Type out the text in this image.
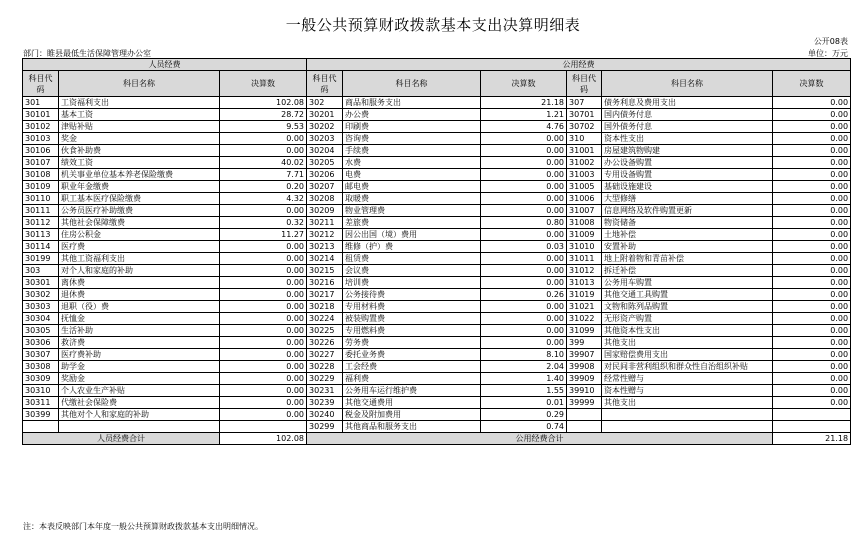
一般公共预算财政拨款基本支出决算明细表
公开08表
部门：睢县最低生活保障管理办公室	单位：万元
人员经费			公用经费					
科目代码	科目名称	决算数	科目代码	科目名称	决算数	科目代码	科目名称	决算数
301	工资福利支出	102.08	302	商品和服务支出	21.18	307	债务利息及费用支出	0.00
30101	基本工资	28.72	30201	办公费	1.21	30701	国内债务付息	0.00
30102	津贴补贴	9.53	30202	印刷费	4.76	30702	国外债务付息	0.00
30103	奖金	0.00	30203	咨询费	0.00	310	资本性支出	0.00
30106	伙食补助费	0.00	30204	手续费	0.00	31001	房屋建筑物购建	0.00
30107	绩效工资	40.02	30205	水费	0.00	31002	办公设备购置	0.00
30108	机关事业单位基本养老保险缴费	7.71	30206	电费	0.00	31003	专用设备购置	0.00
30109	职业年金缴费	0.20	30207	邮电费	0.00	31005	基础设施建设	0.00
30110	职工基本医疗保险缴费	4.32	30208	取暖费	0.00	31006	大型修缮	0.00
30111	公务员医疗补助缴费	0.00	30209	物业管理费	0.00	31007	信息网络及软件购置更新	0.00
30112	其他社会保障缴费	0.32	30211	差旅费	0.80	31008	物资储备	0.00
30113	住房公积金	11.27	30212	因公出国（境）费用	0.00	31009	土地补偿	0.00
30114	医疗费	0.00	30213	维修（护）费	0.03	31010	安置补助	0.00
30199	其他工资福利支出	0.00	30214	租赁费	0.00	31011	地上附着物和青苗补偿	0.00
303	对个人和家庭的补助	0.00	30215	会议费	0.00	31012	拆迁补偿	0.00
30301	离休费	0.00	30216	培训费	0.00	31013	公务用车购置	0.00
30302	退休费	0.00	30217	公务接待费	0.26	31019	其他交通工具购置	0.00
30303	退职（役）费	0.00	30218	专用材料费	0.00	31021	文物和陈列品购置	0.00
30304	抚恤金	0.00	30224	被装购置费	0.00	31022	无形资产购置	0.00
30305	生活补助	0.00	30225	专用燃料费	0.00	31099	其他资本性支出	0.00
30306	救济费	0.00	30226	劳务费	0.00	399	其他支出	0.00
30307	医疗费补助	0.00	30227	委托业务费	8.10	39907	国家赔偿费用支出	0.00
30308	助学金	0.00	30228	工会经费	2.04	39908	对民间非营利组织和群众性自治组织补贴	0.00
30309	奖励金	0.00	30229	福利费	1.40	39909	经常性赠与	0.00
30310	个人农业生产补贴	0.00	30231	公务用车运行维护费	1.55	39910	资本性赠与	0.00
30311	代缴社会保险费	0.00	30239	其他交通费用	0.01	39999	其他支出	0.00
30399	其他对个人和家庭的补助	0.00	30240	税金及附加费用	0.29			
			30299	其他商品和服务支出	0.74			
人员经费合计		102.08	公用经费合计					21.18
注：本表反映部门本年度一般公共预算财政拨款基本支出明细情况。
